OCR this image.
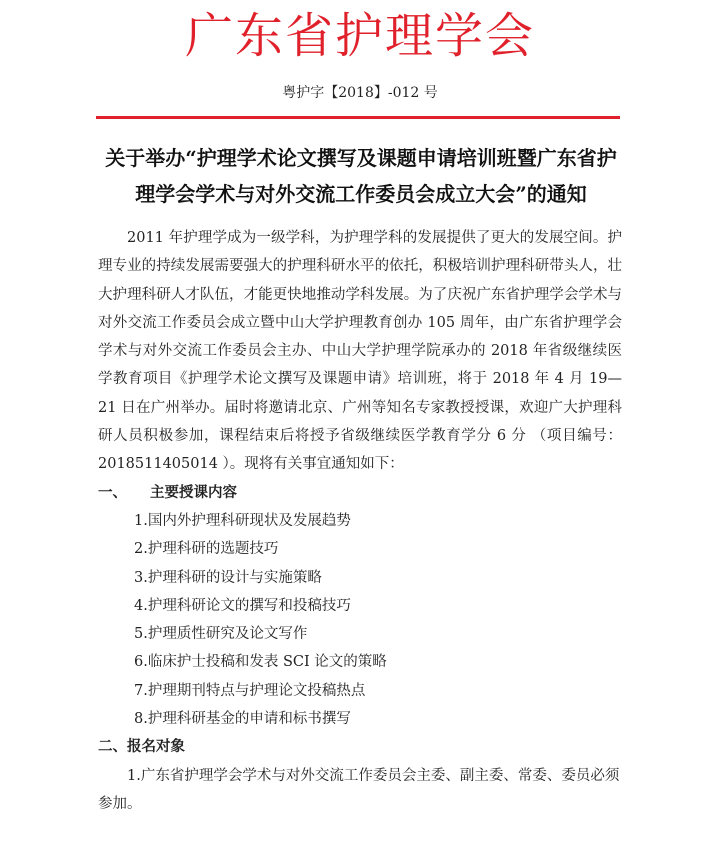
广东省护理学会
粤护字【2018】-012 号
关于举办“护理学术论文撰写及课题申请培训班暨广东省护
理学会学术与对外交流工作委员会成立大会”的通知

2011 年护理学成为一级学科，为护理学科的发展提供了更大的发展空间。护理专业的持续发展需要强大的护理科研水平的依托，积极培训护理科研带头人，壮大护理科研人才队伍，才能更快地推动学科发展。为了庆祝广东省护理学会学术与对外交流工作委员会成立暨中山大学护理教育创办 105 周年，由广东省护理学会学术与对外交流工作委员会主办、中山大学护理学院承办的 2018 年省级继续医学教育项目《护理学术论文撰写及课题申请》培训班，将于 2018 年 4 月 19—21 日在广州举办。届时将邀请北京、广州等知名专家教授授课，欢迎广大护理科研人员积极参加，课程结束后将授予省级继续医学教育学分 6 分 （项目编号：2018511405014 ）。现将有关事宜通知如下：

一、 主要授课内容

1.国内外护理科研现状及发展趋势
2.护理科研的选题技巧
3.护理科研的设计与实施策略
4.护理科研论文的撰写和投稿技巧
5.护理质性研究及论文写作
6.临床护士投稿和发表 SCI 论文的策略
7.护理期刊特点与护理论文投稿热点
8.护理科研基金的申请和标书撰写

二、报名对象

1.广东省护理学会学术与对外交流工作委员会主委、副主委、常委、委员必须参加。
